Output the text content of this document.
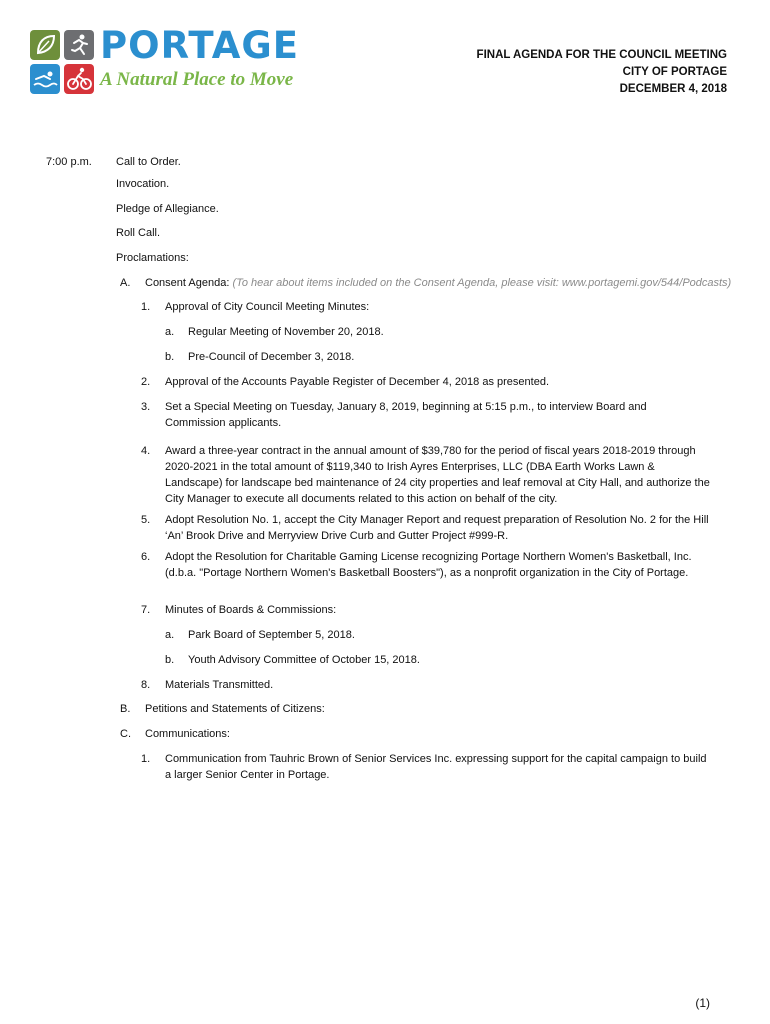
PORTAGE
A Natural Place to Move
FINAL AGENDA FOR THE COUNCIL MEETING
CITY OF PORTAGE
DECEMBER 4, 2018
7:00 p.m. Call to Order.
Invocation.
Pledge of Allegiance.
Roll Call.
Proclamations:
A. Consent Agenda: (To hear about items included on the Consent Agenda, please visit: www.portagemi.gov/544/Podcasts)
1. Approval of City Council Meeting Minutes:
a. Regular Meeting of November 20, 2018.
b. Pre-Council of December 3, 2018.
2. Approval of the Accounts Payable Register of December 4, 2018 as presented.
3. Set a Special Meeting on Tuesday, January 8, 2019, beginning at 5:15 p.m., to interview Board and Commission applicants.
4. Award a three-year contract in the annual amount of $39,780 for the period of fiscal years 2018-2019 through 2020-2021 in the total amount of $119,340 to Irish Ayres Enterprises, LLC (DBA Earth Works Lawn & Landscape) for landscape bed maintenance of 24 city properties and leaf removal at City Hall, and authorize the City Manager to execute all documents related to this action on behalf of the city.
5. Adopt Resolution No. 1, accept the City Manager Report and request preparation of Resolution No. 2 for the Hill ‘An’ Brook Drive and Merryview Drive Curb and Gutter Project #999-R.
6. Adopt the Resolution for Charitable Gaming License recognizing Portage Northern Women's Basketball, Inc. (d.b.a. "Portage Northern Women's Basketball Boosters"), as a nonprofit organization in the City of Portage.
7. Minutes of Boards & Commissions:
a. Park Board of September 5, 2018.
b. Youth Advisory Committee of October 15, 2018.
8. Materials Transmitted.
B. Petitions and Statements of Citizens:
C. Communications:
1. Communication from Tauhric Brown of Senior Services Inc. expressing support for the capital campaign to build a larger Senior Center in Portage.
(1)
